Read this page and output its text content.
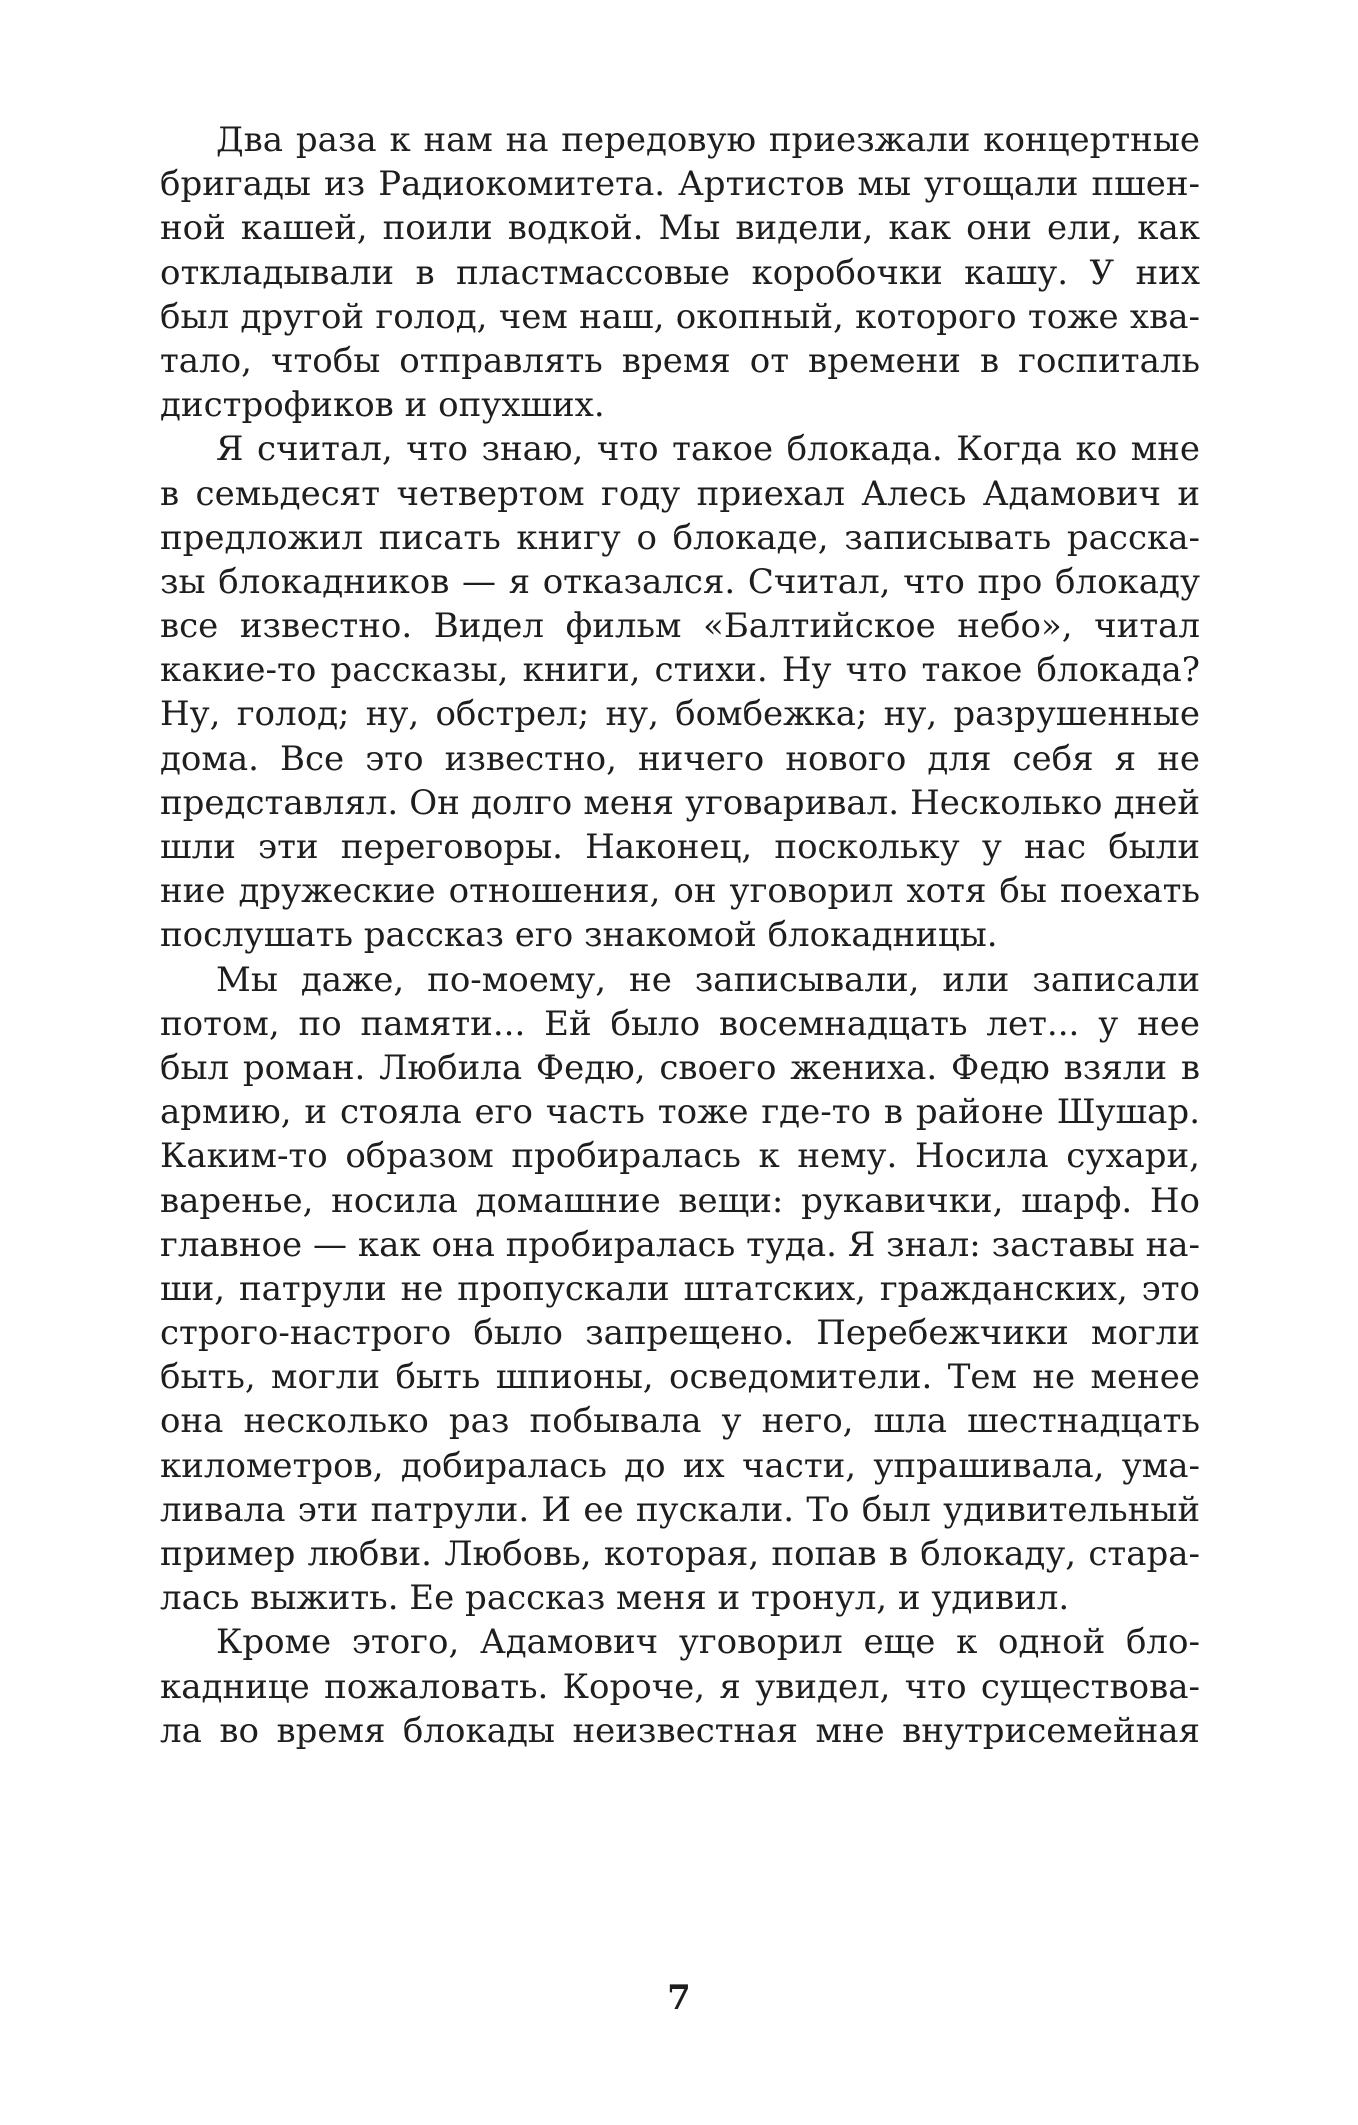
Два раза к нам на передовую приезжали концертные
бригады из Радиокомитета. Артистов мы угощали пшен-
ной кашей, поили водкой. Мы видели, как они ели, как
откладывали в пластмассовые коробочки кашу. У них
был другой голод, чем наш, окопный, которого тоже хва-
тало, чтобы отправлять время от времени в госпиталь
дистрофиков и опухших.
Я считал, что знаю, что такое блокада. Когда ко мне
в семьдесят четвертом году приехал Алесь Адамович и
предложил писать книгу о блокаде, записывать расска-
зы блокадников — я отказался. Считал, что про блокаду
все известно. Видел фильм «Балтийское небо», читал
какие-то рассказы, книги, стихи. Ну что такое блокада?
Ну, голод; ну, обстрел; ну, бомбежка; ну, разрушенные
дома. Все это известно, ничего нового для себя я не
представлял. Он долго меня уговаривал. Несколько дней
шли эти переговоры. Наконец, поскольку у нас были
ние дружеские отношения, он уговорил хотя бы поехать
послушать рассказ его знакомой блокадницы.
Мы даже, по-моему, не записывали, или записали
потом, по памяти... Ей было восемнадцать лет... у нее
был роман. Любила Федю, своего жениха. Федю взяли в
армию, и стояла его часть тоже где-то в районе Шушар.
Каким-то образом пробиралась к нему. Носила сухари,
варенье, носила домашние вещи: рукавички, шарф. Но
главное — как она пробиралась туда. Я знал: заставы на-
ши, патрули не пропускали штатских, гражданских, это
строго-настрого было запрещено. Перебежчики могли
быть, могли быть шпионы, осведомители. Тем не менее
она несколько раз побывала у него, шла шестнадцать
километров, добиралась до их части, упрашивала, ума-
ливала эти патрули. И ее пускали. То был удивительный
пример любви. Любовь, которая, попав в блокаду, стара-
лась выжить. Ее рассказ меня и тронул, и удивил.
Кроме этого, Адамович уговорил еще к одной бло-
каднице пожаловать. Короче, я увидел, что существова-
ла во время блокады неизвестная мне внутрисемейная
7
